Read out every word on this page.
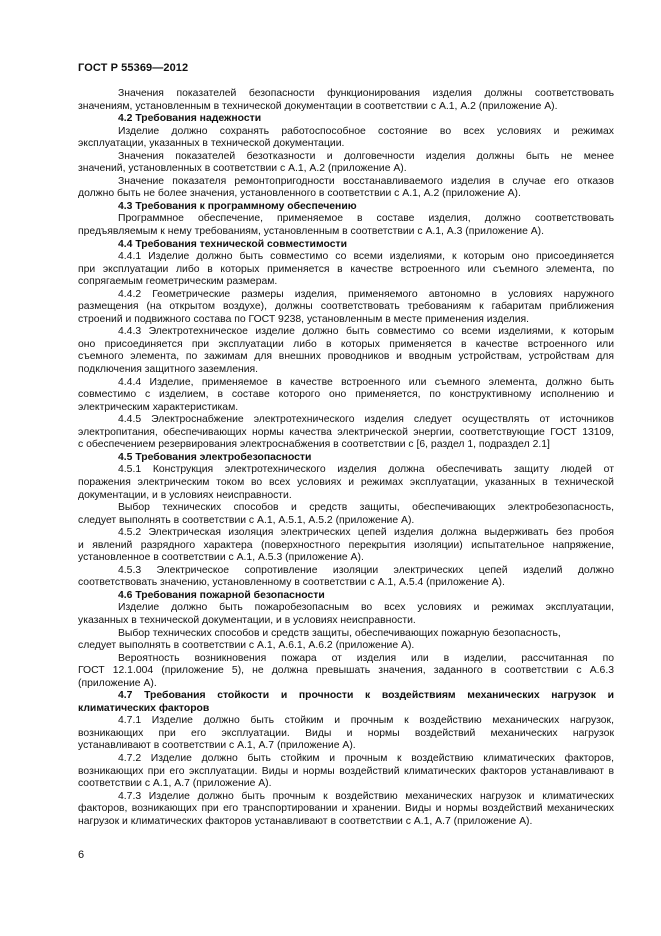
ГОСТ Р 55369—2012
Значения показателей безопасности функционирования изделия должны соответствовать
значениям, установленным в технической документации в соответствии с А.1, А.2 (приложение А).
4.2 Требования надежности
Изделие должно сохранять работоспособное состояние во всех условиях и режимах
эксплуатации, указанных в технической документации.
Значения показателей безотказности и долговечности изделия должны быть не менее
значений, установленных в соответствии с А.1, А.2 (приложение А).
Значение показателя ремонтопригодности восстанавливаемого изделия в случае его отказов
должно быть не более значения, установленного в соответствии с А.1, А.2 (приложение А).
4.3 Требования к программному обеспечению
Программное обеспечение, применяемое в составе изделия, должно соответствовать
предъявляемым к нему требованиям, установленным в соответствии с А.1, А.3 (приложение А).
4.4 Требования технической совместимости
4.4.1 Изделие должно быть совместимо со всеми изделиями, к которым оно присоединяется
при эксплуатации либо в которых применяется в качестве встроенного или съемного элемента, по
сопрягаемым геометрическим размерам.
4.4.2 Геометрические размеры изделия, применяемого автономно в условиях наружного
размещения (на открытом воздухе), должны соответствовать требованиям к габаритам приближения
строений и подвижного состава по ГОСТ 9238, установленным в месте применения изделия.
4.4.3 Электротехническое изделие должно быть совместимо со всеми изделиями, к которым
оно присоединяется при эксплуатации либо в которых применяется в качестве встроенного или
съемного элемента, по зажимам для внешних проводников и вводным устройствам, устройствам для
подключения защитного заземления.
4.4.4 Изделие, применяемое в качестве встроенного или съемного элемента, должно быть
совместимо с изделием, в составе которого оно применяется, по конструктивному исполнению и
электрическим характеристикам.
4.4.5 Электроснабжение электротехнического изделия следует осуществлять от источников
электропитания, обеспечивающих нормы качества электрической энергии, соответствующие ГОСТ 13109,
с обеспечением резервирования электроснабжения в соответствии с [6, раздел 1, подраздел 2.1]
4.5 Требования электробезопасности
4.5.1 Конструкция электротехнического изделия должна обеспечивать защиту людей от
поражения электрическим током во всех условиях и режимах эксплуатации, указанных в технической
документации, и в условиях неисправности.
Выбор технических способов и средств защиты, обеспечивающих электробезопасность,
следует выполнять в соответствии с А.1, А.5.1, А.5.2 (приложение А).
4.5.2 Электрическая изоляция электрических цепей изделия должна выдерживать без пробоя
и явлений разрядного характера (поверхностного перекрытия изоляции) испытательное напряжение,
установленное в соответствии с А.1, А.5.3 (приложение А).
4.5.3 Электрическое сопротивление изоляции электрических цепей изделий должно
соответствовать значению, установленному в соответствии с А.1, А.5.4 (приложение А).
4.6 Требования пожарной безопасности
Изделие должно быть пожаробезопасным во всех условиях и режимах эксплуатации,
указанных в технической документации, и в условиях неисправности.
Выбор технических способов и средств защиты, обеспечивающих пожарную безопасность,
следует выполнять в соответствии с А.1, А.6.1, А.6.2 (приложение А).
Вероятность возникновения пожара от изделия или в изделии, рассчитанная по
ГОСТ 12.1.004 (приложение 5), не должна превышать значения, заданного в соответствии с А.6.3
(приложение А).
4.7 Требования стойкости и прочности к воздействиям механических нагрузок и
климатических факторов
4.7.1 Изделие должно быть стойким и прочным к воздействию механических нагрузок,
возникающих при его эксплуатации. Виды и нормы воздействий механических нагрузок
устанавливают в соответствии с А.1, А.7 (приложение А).
4.7.2 Изделие должно быть стойким и прочным к воздействию климатических факторов,
возникающих при его эксплуатации. Виды и нормы воздействий климатических факторов устанавливают в
соответствии с А.1, А.7 (приложение А).
4.7.3 Изделие должно быть прочным к воздействию механических нагрузок и климатических
факторов, возникающих при его транспортировании и хранении. Виды и нормы воздействий механических
нагрузок и климатических факторов устанавливают в соответствии с А.1, А.7 (приложение А).
6
